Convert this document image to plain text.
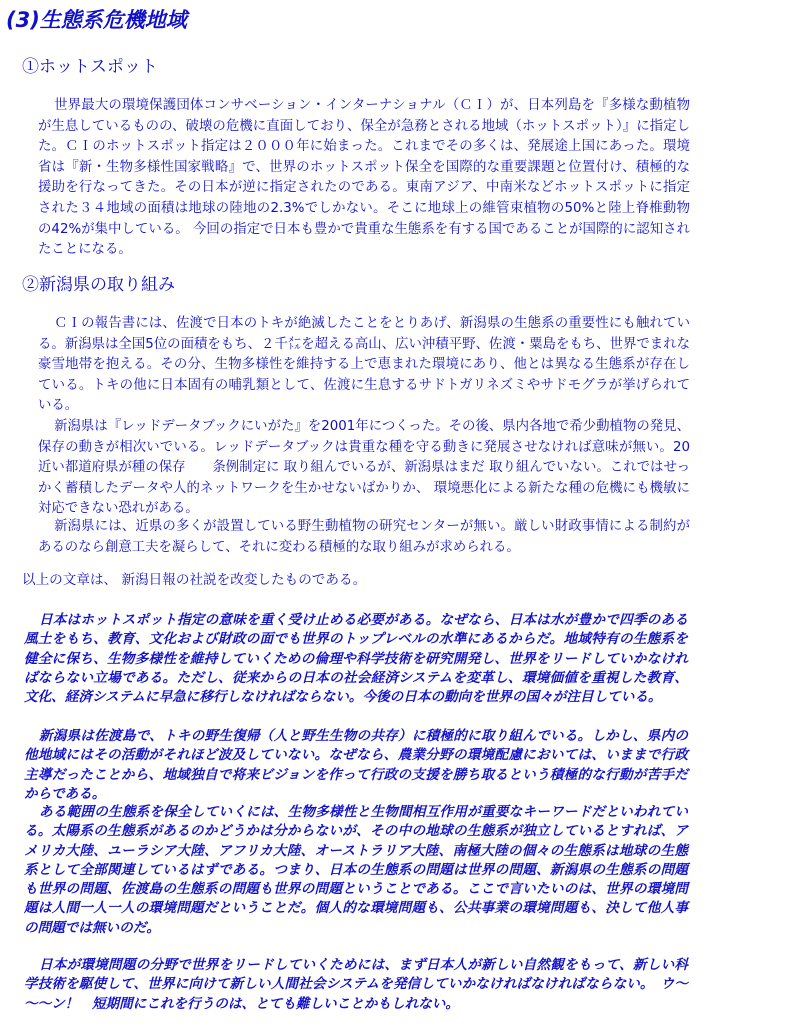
(3)生態系危機地域
①ホットスポット

世界最大の環境保護団体コンサベーション・インターナショナル（ＣＩ）が、日本列島を『多様な動植物が生息しているものの、破壊の危機に直面しており、保全が急務とされる地域（ホットスポット）』に指定した。ＣＩのホットスポット指定は２０００年に始まった。これまでその多くは、発展途上国にあった。環境省は『新・生物多様性国家戦略』で、世界のホットスポット保全を国際的な重要課題と位置付け、積極的な援助を行なってきた。その日本が逆に指定されたのである。東南アジア、中南米などホットスポットに指定された３４地域の面積は地球の陸地の2.3%でしかない。そこに地球上の維管束植物の50%と陸上脊椎動物の42%が集中している。 今回の指定で日本も豊かで貴重な生態系を有する国であることが国際的に認知されたことになる。

②新潟県の取り組み

ＣＩの報告書には、佐渡で日本のトキが絶滅したことをとりあげ、新潟県の生態系の重要性にも触れている。新潟県は全国5位の面積をもち、２千㍍を超える高山、広い沖積平野、佐渡・粟島をもち、世界でまれな豪雪地帯を抱える。その分、生物多様性を維持する上で恵まれた環境にあり、他とは異なる生態系が存在している。トキの他に日本固有の哺乳類として、佐渡に生息するサドトガリネズミやサドモグラが挙げられている。

新潟県は『レッドデータブックにいがた』を2001年につくった。その後、県内各地で希少動植物の発見、保存の動きが相次いでいる。レッドデータブックは貴重な種を守る動きに発展させなければ意味が無い。20近い都道府県が種の保存　　条例制定に 取り組んでいるが、新潟県はまだ 取り組んでいない。これではせっかく蓄積したデータや人的ネットワークを生かせないばかりか、 環境悪化による新たな種の危機にも機敏に対応できない恐れがある。

新潟県には、近県の多くが設置している野生動植物の研究センターが無い。厳しい財政事情による制約があるのなら創意工夫を凝らして、それに変わる積極的な取り組みが求められる。

以上の文章は、 新潟日報の社説を改変したものである。

日本はホットスポット指定の意味を重く受け止める必要がある。なぜなら、日本は水が豊かで四季のある風土をもち、教育、文化および財政の面でも世界のトップレベルの水準にあるからだ。地域特有の生態系を健全に保ち、生物多様性を維持していくための倫理や科学技術を研究開発し、世界をリードしていかなければならない立場である。ただし、従来からの日本の社会経済システムを変革し、環境価値を重視した教育、文化、経済システムに早急に移行しなければならない。今後の日本の動向を世界の国々が注目している。

新潟県は佐渡島で、トキの野生復帰（人と野生生物の共存）に積極的に取り組んでいる。しかし、県内の他地域にはその活動がそれほど波及していない。なぜなら、農業分野の環境配慮においては、いままで行政主導だったことから、地域独自で将来ビジョンを作って行政の支援を勝ち取るという積極的な行動が苦手だからである。

ある範囲の生態系を保全していくには、生物多様性と生物間相互作用が重要なキーワードだといわれている。太陽系の生態系があるのかどうかは分からないが、その中の地球の生態系が独立しているとすれば、アメリカ大陸、ユーラシア大陸、アフリカ大陸、オーストラリア大陸、南極大陸の個々の生態系は地球の生態系として全部関連しているはずである。つまり、日本の生態系の問題は世界の問題、新潟県の生態系の問題も世界の問題、佐渡島の生態系の問題も世界の問題ということである。ここで言いたいのは、世界の環境問題は人間一人一人の環境問題だということだ。個人的な環境問題も、公共事業の環境問題も、決して他人事の問題では無いのだ。

日本が環境問題の分野で世界をリードしていくためには、まず日本人が新しい自然観をもって、新しい科学技術を駆使して、世界に向けて新しい人間社会システムを発信していかなければなければならない。　ウ～～～ン！　短期間にこれを行うのは、とても難しいことかもしれない。
